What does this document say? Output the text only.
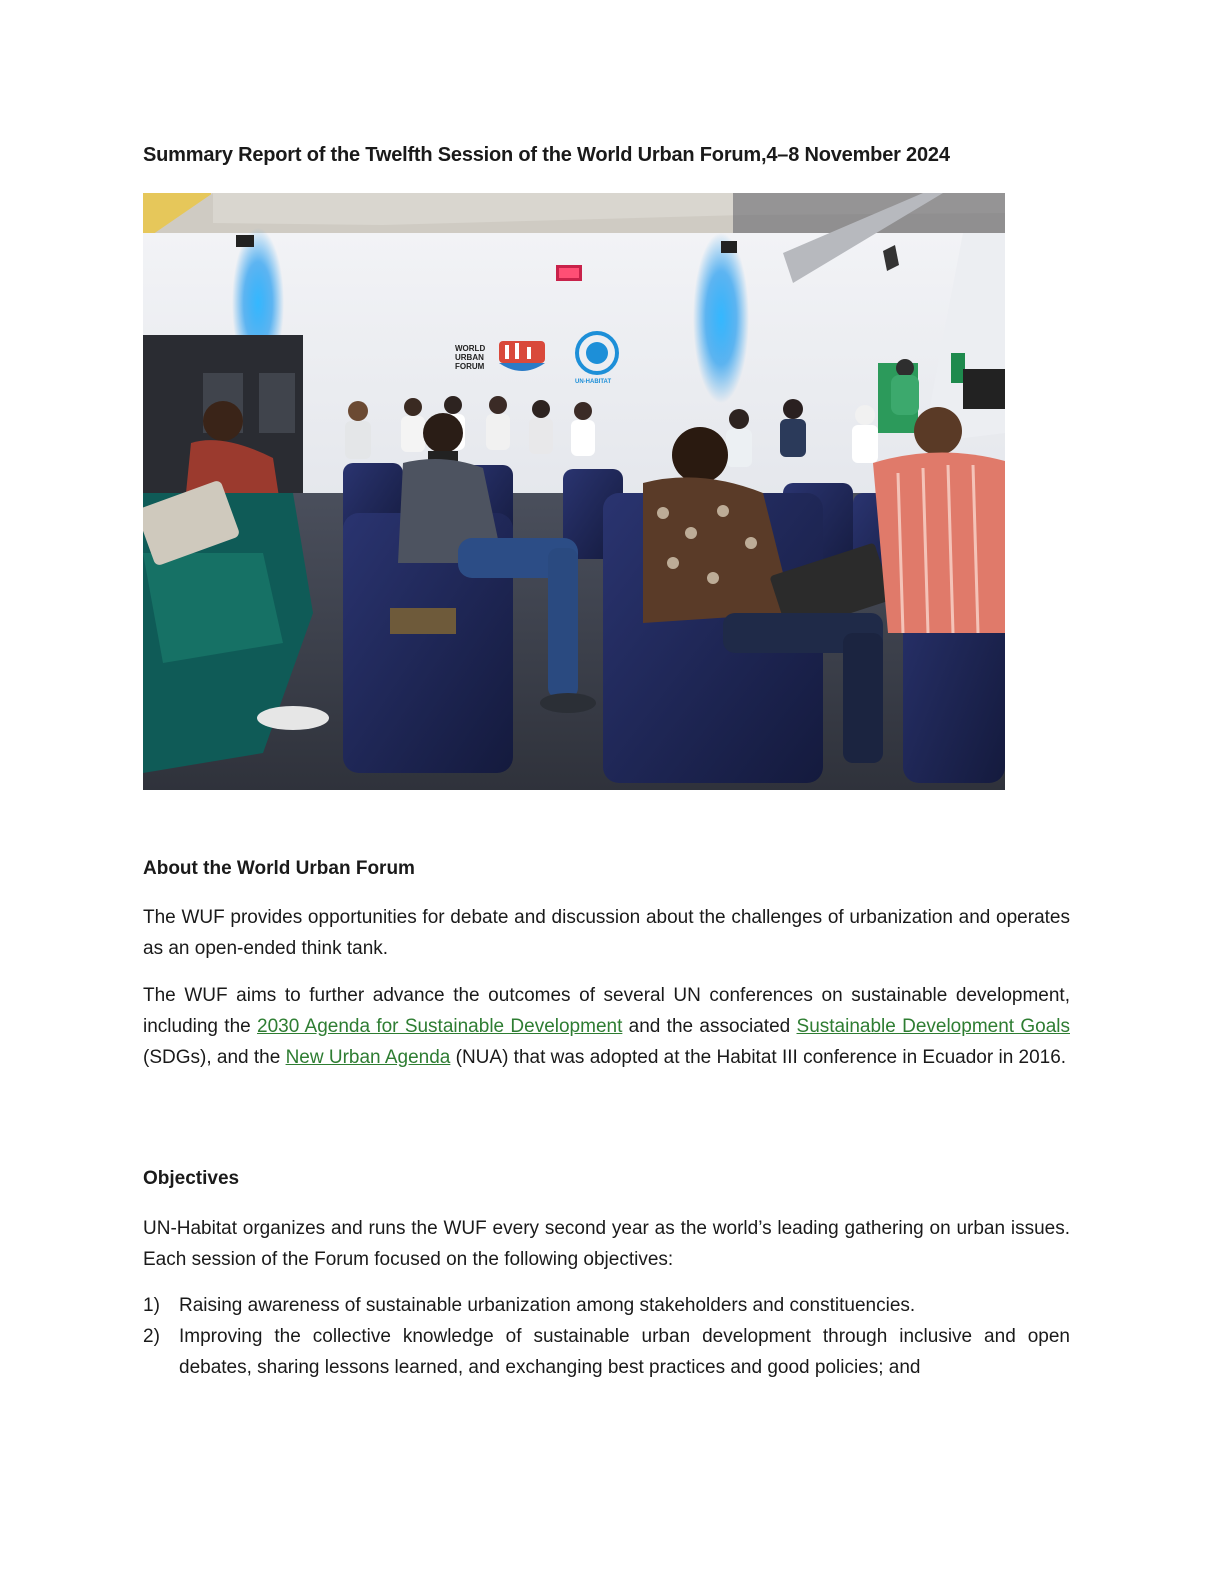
Summary Report of the Twelfth Session of the World Urban Forum,4–8 November 2024
WORLD
URBAN
FORUM
UN-HABITAT
About the World Urban Forum

The WUF provides opportunities for debate and discussion about the challenges of urbanization and operates as an open-ended think tank.

The WUF aims to further advance the outcomes of several UN conferences on sustainable development, including the 2030 Agenda for Sustainable Development and the associated Sustainable Development Goals (SDGs), and the New Urban Agenda (NUA) that was adopted at the Habitat III conference in Ecuador in 2016.

Objectives

UN-Habitat organizes and runs the WUF every second year as the world’s leading gathering on urban issues. Each session of the Forum focused on the following objectives:

1) Raising awareness of sustainable urbanization among stakeholders and constituencies.
2) Improving the collective knowledge of sustainable urban development through inclusive and open debates, sharing lessons learned, and exchanging best practices and good policies; and
